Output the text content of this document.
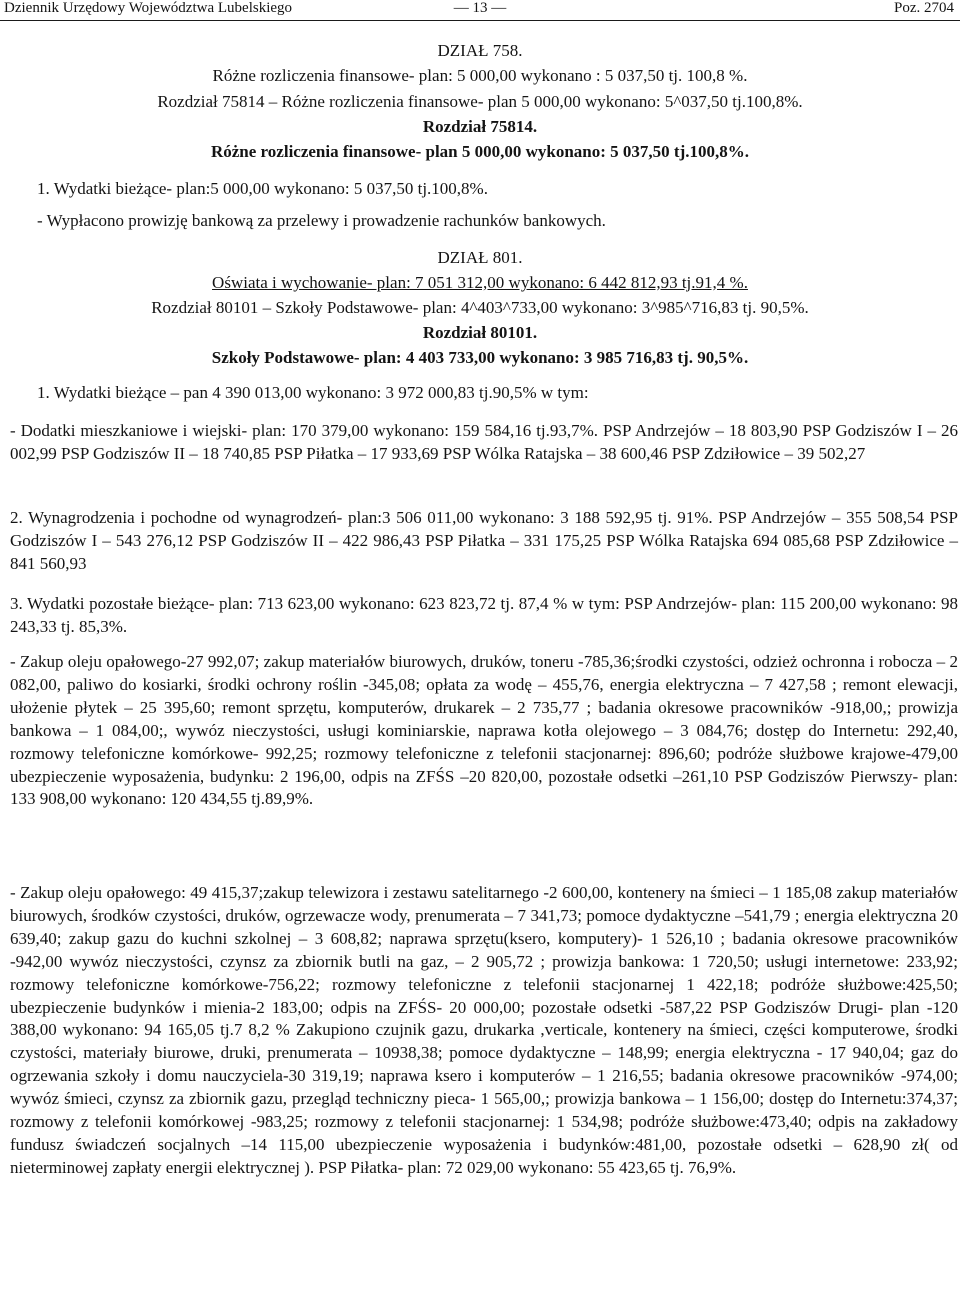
Dziennik Urzędowy Województwa Lubelskiego	— 13 —	Poz. 2704
DZIAŁ 758.
Różne rozliczenia finansowe- plan: 5 000,00 wykonano : 5 037,50 tj. 100,8 %.
Rozdział 75814 – Różne rozliczenia finansowe- plan 5 000,00 wykonano: 5^037,50 tj.100,8%.
Rozdział 75814.
Różne rozliczenia finansowe- plan 5 000,00 wykonano: 5 037,50 tj.100,8%.
1. Wydatki bieżące- plan:5 000,00 wykonano: 5 037,50 tj.100,8%.
- Wypłacono prowizję bankową za przelewy i prowadzenie rachunków bankowych.
DZIAŁ 801.
Oświata i wychowanie- plan: 7 051 312,00 wykonano: 6 442 812,93 tj.91,4 %.
Rozdział 80101 – Szkoły Podstawowe- plan: 4^403^733,00 wykonano: 3^985^716,83 tj. 90,5%.
Rozdział 80101.
Szkoły Podstawowe- plan: 4 403 733,00 wykonano: 3 985 716,83 tj. 90,5%.
1. Wydatki bieżące – pan 4 390 013,00 wykonano: 3 972 000,83 tj.90,5% w tym:
- Dodatki mieszkaniowe i wiejski- plan: 170 379,00 wykonano: 159 584,16 tj.93,7%. PSP Andrzejów – 18 803,90 PSP Godziszów I – 26 002,99 PSP Godziszów II – 18 740,85 PSP Piłatka – 17 933,69 PSP Wólka Ratajska – 38 600,46 PSP Zdziłowice – 39 502,27
2. Wynagrodzenia i pochodne od wynagrodzeń- plan:3 506 011,00 wykonano: 3 188 592,95 tj. 91%. PSP Andrzejów – 355 508,54 PSP Godziszów I – 543 276,12 PSP Godziszów II – 422 986,43 PSP Piłatka – 331 175,25 PSP Wólka Ratajska 694 085,68 PSP Zdziłowice – 841 560,93
3. Wydatki pozostałe bieżące- plan: 713 623,00 wykonano: 623 823,72 tj. 87,4 % w tym: PSP Andrzejów- plan: 115 200,00 wykonano: 98 243,33 tj. 85,3%.
- Zakup oleju opałowego-27 992,07; zakup materiałów biurowych, druków, toneru -785,36;środki czystości, odzież ochronna i robocza – 2 082,00, paliwo do kosiarki, środki ochrony roślin -345,08; opłata za wodę – 455,76, energia elektryczna – 7 427,58 ; remont elewacji, ułożenie płytek – 25 395,60; remont sprzętu, komputerów, drukarek – 2 735,77 ; badania okresowe pracowników -918,00,; prowizja bankowa – 1 084,00;, wywóz nieczystości, usługi kominiarskie, naprawa kotła olejowego – 3 084,76; dostęp do Internetu: 292,40, rozmowy telefoniczne komórkowe- 992,25; rozmowy telefoniczne z telefonii stacjonarnej: 896,60; podróże służbowe krajowe-479,00 ubezpieczenie wyposażenia, budynku: 2 196,00, odpis na ZFŚS –20 820,00, pozostałe odsetki –261,10 PSP Godziszów Pierwszy- plan: 133 908,00 wykonano: 120 434,55 tj.89,9%.
- Zakup oleju opałowego: 49 415,37;zakup telewizora i zestawu satelitarnego -2 600,00, kontenery na śmieci – 1 185,08 zakup materiałów biurowych, środków czystości, druków, ogrzewacze wody, prenumerata – 7 341,73; pomoce dydaktyczne –541,79 ; energia elektryczna 20 639,40; zakup gazu do kuchni szkolnej – 3 608,82; naprawa sprzętu(ksero, komputery)- 1 526,10 ; badania okresowe pracowników -942,00 wywóz nieczystości, czynsz za zbiornik butli na gaz, – 2 905,72 ; prowizja bankowa: 1 720,50; usługi internetowe: 233,92; rozmowy telefoniczne komórkowe-756,22; rozmowy telefoniczne z telefonii stacjonarnej 1 422,18; podróże służbowe:425,50; ubezpieczenie budynków i mienia-2 183,00; odpis na ZFŚS- 20 000,00; pozostałe odsetki -587,22 PSP Godziszów Drugi- plan -120 388,00 wykonano: 94 165,05 tj.7 8,2 % Zakupiono czujnik gazu, drukarka ,verticale, kontenery na śmieci, części komputerowe, środki czystości, materiały biurowe, druki, prenumerata – 10938,38; pomoce dydaktyczne – 148,99; energia elektryczna - 17 940,04; gaz do ogrzewania szkoły i domu nauczyciela-30 319,19; naprawa ksero i komputerów – 1 216,55; badania okresowe pracowników -974,00; wywóz śmieci, czynsz za zbiornik gazu, przegląd techniczny pieca- 1 565,00,; prowizja bankowa – 1 156,00; dostęp do Internetu:374,37; rozmowy z telefonii komórkowej -983,25; rozmowy z telefonii stacjonarnej: 1 534,98; podróże służbowe:473,40; odpis na zakładowy fundusz świadczeń socjalnych –14 115,00 ubezpieczenie wyposażenia i budynków:481,00, pozostałe odsetki – 628,90 zł( od nieterminowej zapłaty energii elektrycznej ). PSP Piłatka- plan: 72 029,00 wykonano: 55 423,65 tj. 76,9%.
